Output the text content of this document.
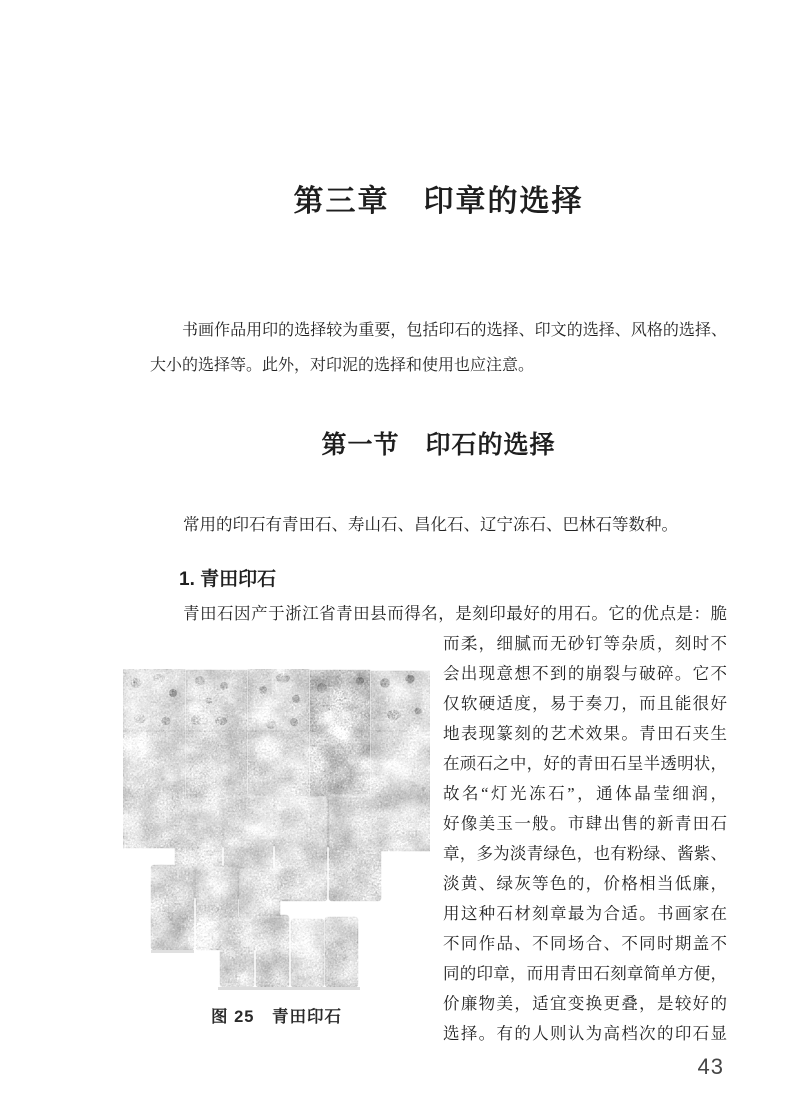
第三章 印章的选择
书画作品用印的选择较为重要，包括印石的选择、印文的选择、风格的选择、
大小的选择等。此外，对印泥的选择和使用也应注意。
第一节 印石的选择
常用的印石有青田石、寿山石、昌化石、辽宁冻石、巴林石等数种。
1. 青田印石
青田石因产于浙江省青田县而得名，是刻印最好的用石。它的优点是：脆
图 25　青田印石
而柔，细腻而无砂钉等杂质，刻时不
会出现意想不到的崩裂与破碎。它不
仅软硬适度，易于奏刀，而且能很好
地表现篆刻的艺术效果。青田石夹生
在顽石之中，好的青田石呈半透明状，
故名“灯光冻石”，通体晶莹细润，
好像美玉一般。市肆出售的新青田石
章，多为淡青绿色，也有粉绿、酱紫、
淡黄、绿灰等色的，价格相当低廉，
用这种石材刻章最为合适。书画家在
不同作品、不同场合、不同时期盖不
同的印章，而用青田石刻章简单方便，
价廉物美，适宜变换更叠，是较好的
选择。有的人则认为高档次的印石显
43
